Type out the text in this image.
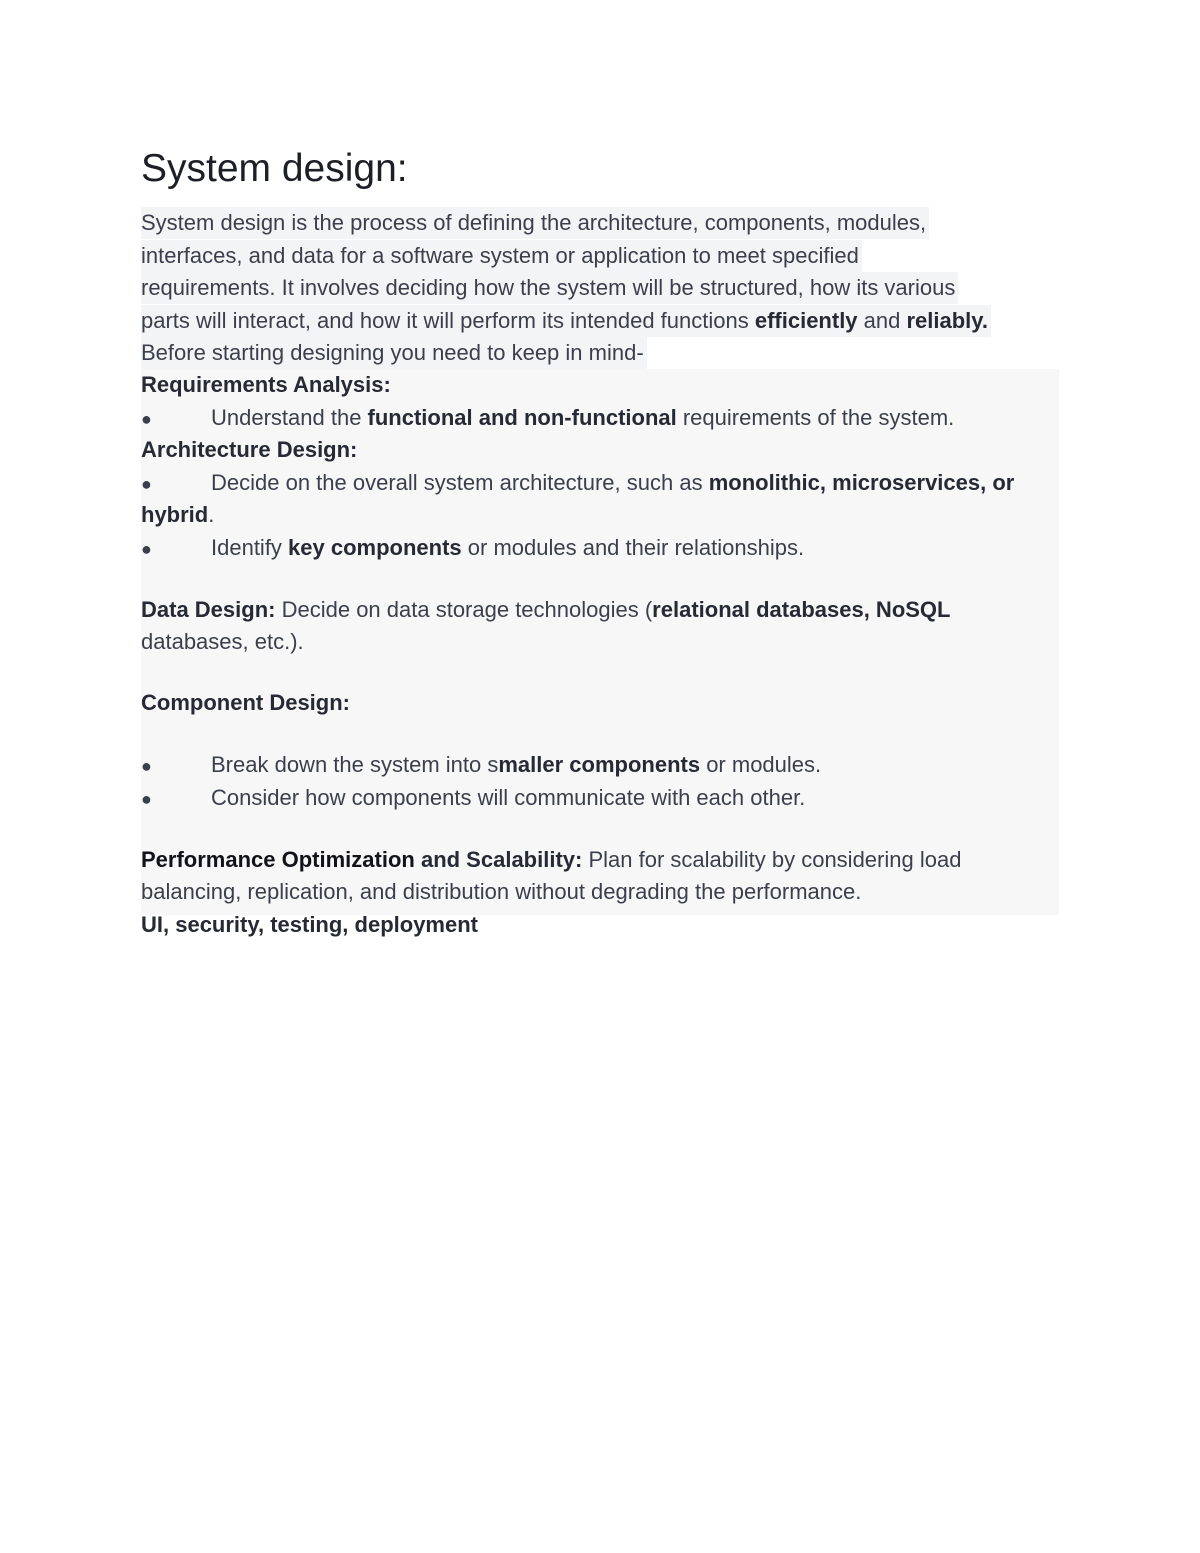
System design:
System design is the process of defining the architecture, components, modules,
interfaces, and data for a software system or application to meet specified
requirements. It involves deciding how the system will be structured, how its various
parts will interact, and how it will perform its intended functions efficiently and reliably.
Before starting designing you need to keep in mind-
Requirements Analysis:
●	Understand the functional and non-functional requirements of the system.
Architecture Design:
●	Decide on the overall system architecture, such as monolithic, microservices, or
hybrid.
●	Identify key components or modules and their relationships.
Data Design: Decide on data storage technologies (relational databases, NoSQL
databases, etc.).
Component Design:
●	Break down the system into smaller components or modules.
●	Consider how components will communicate with each other.
Performance Optimization and Scalability: Plan for scalability by considering load
balancing, replication, and distribution without degrading the performance.
UI, security, testing, deployment
